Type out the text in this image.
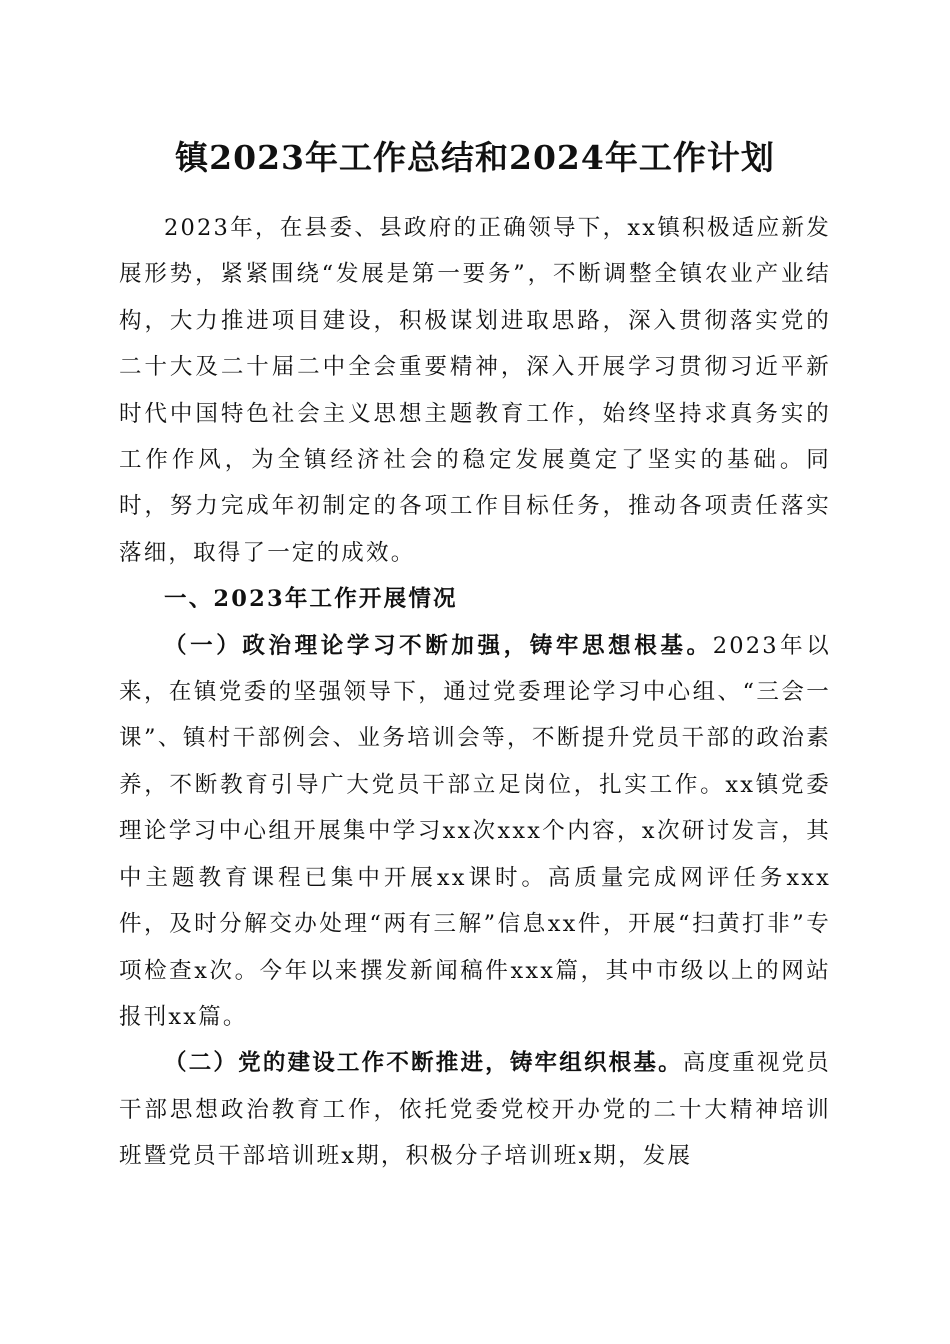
镇2023年工作总结和2024年工作计划

2023年，在县委、县政府的正确领导下，xx镇积极适应新发展形势，紧紧围绕“发展是第一要务”，不断调整全镇农业产业结构，大力推进项目建设，积极谋划进取思路，深入贯彻落实党的二十大及二十届二中全会重要精神，深入开展学习贯彻习近平新时代中国特色社会主义思想主题教育工作，始终坚持求真务实的工作作风，为全镇经济社会的稳定发展奠定了坚实的基础。同时，努力完成年初制定的各项工作目标任务，推动各项责任落实落细，取得了一定的成效。

一、2023年工作开展情况

（一）政治理论学习不断加强，铸牢思想根基。2023年以来，在镇党委的坚强领导下，通过党委理论学习中心组、“三会一课”、镇村干部例会、业务培训会等，不断提升党员干部的政治素养，不断教育引导广大党员干部立足岗位，扎实工作。xx镇党委理论学习中心组开展集中学习xx次xxx个内容，x次研讨发言，其中主题教育课程已集中开展xx课时。高质量完成网评任务xxx件，及时分解交办处理“两有三解”信息xx件，开展“扫黄打非”专项检查x次。今年以来撰发新闻稿件xxx篇，其中市级以上的网站报刊xx篇。

（二）党的建设工作不断推进，铸牢组织根基。高度重视党员干部思想政治教育工作，依托党委党校开办党的二十大精神培训班暨党员干部培训班x期，积极分子培训班x期，发展
